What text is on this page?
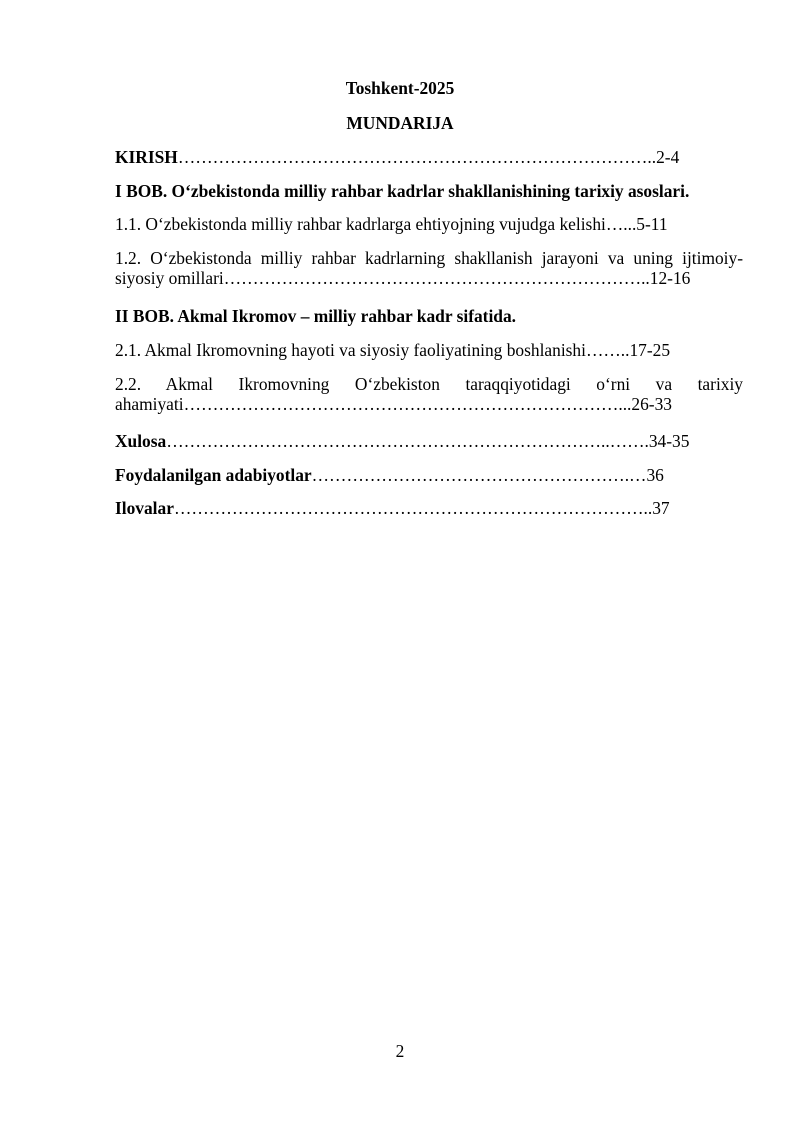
Toshkent-2025
MUNDARIJA
KIRISH………………………………………………………………………..2-4
I BOB. O‘zbekistonda milliy rahbar kadrlar shakllanishining tarixiy asoslari.
1.1. O‘zbekistonda milliy rahbar kadrlarga ehtiyojning vujudga kelishi…...5-11
1.2. O‘zbekistonda milliy rahbar kadrlarning shakllanish jarayoni va uning ijtimoiy-
siyosiy omillari………………………………………………………………..12-16
II BOB. Akmal Ikromov – milliy rahbar kadr sifatida.
2.1. Akmal Ikromovning hayoti va siyosiy faoliyatining boshlanishi……..17-25
2.2. Akmal Ikromovning O‘zbekiston taraqqiyotidagi o‘rni va tarixiy
ahamiyati…………………………………………………………………...26-33
Xulosa…………………………………………………………………..…….34-35
Foydalanilgan adabiyotlar……………………………………………….…36
Ilovalar………………………………………………………………………..37
2
